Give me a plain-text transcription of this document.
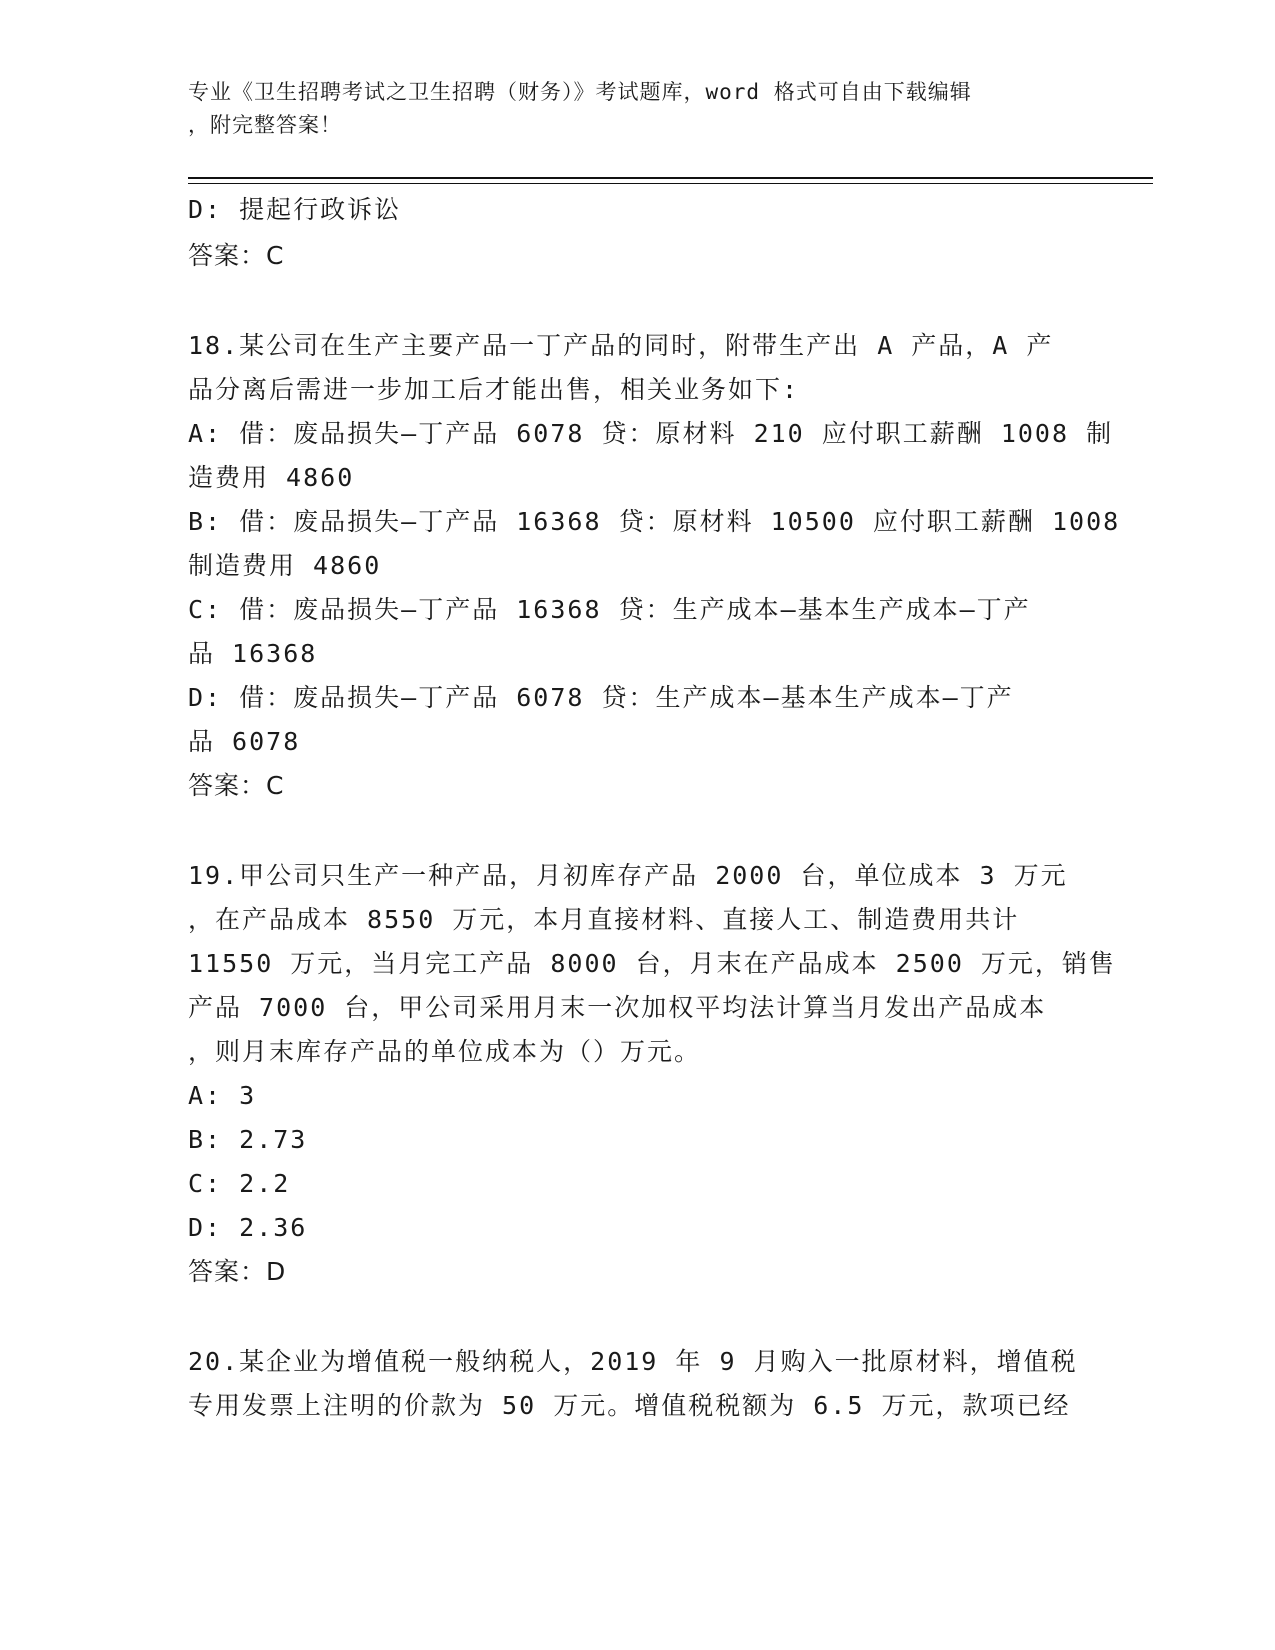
专业《卫生招聘考试之卫生招聘（财务）》考试题库，word 格式可自由下载编辑
，附完整答案！
D: 提起行政诉讼
答案：C
18.某公司在生产主要产品一丁产品的同时，附带生产出 A 产品，A 产
品分离后需进一步加工后才能出售，相关业务如下:
A: 借：废品损失—丁产品 6078 贷：原材料 210 应付职工薪酬 1008 制
造费用 4860
B: 借：废品损失—丁产品 16368 贷：原材料 10500 应付职工薪酬 1008
制造费用 4860
C: 借：废品损失—丁产品 16368 贷：生产成本—基本生产成本—丁产
品 16368
D: 借：废品损失—丁产品 6078 贷：生产成本—基本生产成本—丁产
品 6078
答案：C
19.甲公司只生产一种产品，月初库存产品 2000 台，单位成本 3 万元
，在产品成本 8550 万元，本月直接材料、直接人工、制造费用共计
11550 万元，当月完工产品 8000 台，月末在产品成本 2500 万元，销售
产品 7000 台，甲公司采用月末一次加权平均法计算当月发出产品成本
，则月末库存产品的单位成本为（）万元。
A: 3
B: 2.73
C: 2.2
D: 2.36
答案：D
20.某企业为增值税一般纳税人，2019 年 9 月购入一批原材料，增值税
专用发票上注明的价款为 50 万元。增值税税额为 6.5 万元，款项已经
